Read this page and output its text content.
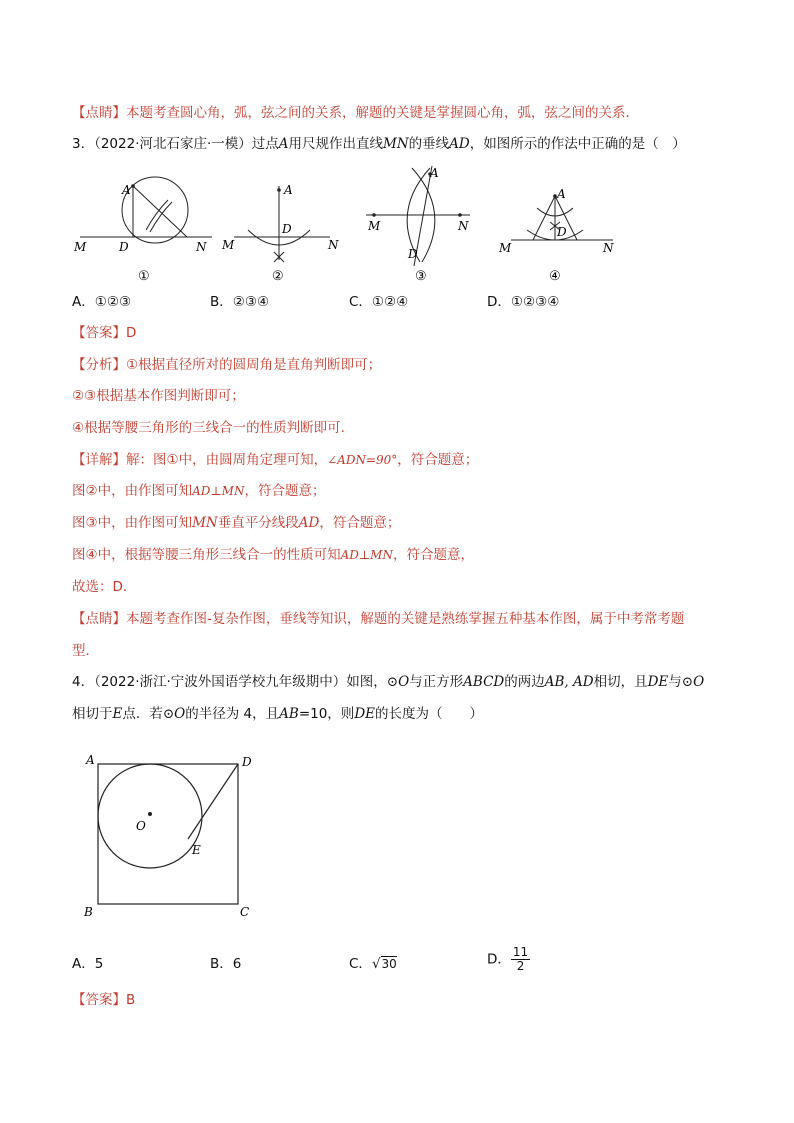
【点睛】本题考查圆心角，弧，弦之间的关系，解题的关键是掌握圆心角，弧，弦之间的关系．
3．（2022·河北石家庄·一模）过点A用尺规作出直线MN的垂线AD，如图所示的作法中正确的是（　）
A
M	D	N
①
A
M
D
N
②
A
M
D
N
③
A
M
D
N
④
A．①②③	B．②③④	C．①②④	D．①②③④
【答案】D
【分析】①根据直径所对的圆周角是直角判断即可；
②③根据基本作图判断即可；
④根据等腰三角形的三线合一的性质判断即可．
【详解】解：图①中，由圆周角定理可知，∠ADN=90°，符合题意；
图②中，由作图可知AD⊥MN，符合题意；
图③中，由作图可知MN垂直平分线段AD，符合题意；
图④中，根据等腰三角形三线合一的性质可知AD⊥MN，符合题意，
故选：D．
【点睛】本题考查作图-复杂作图，垂线等知识，解题的关键是熟练掌握五种基本作图，属于中考常考题
型．
4．（2022·浙江·宁波外国语学校九年级期中）如图，⊙O与正方形ABCD的两边AB, AD相切，且DE与⊙O
相切于E点．若⊙O的半径为 4，且AB=10，则DE的长度为（　　）
A	D
O
E
B	C
A．5	B．6	C．√30	D． $\frac{11}{2}$
【答案】B
